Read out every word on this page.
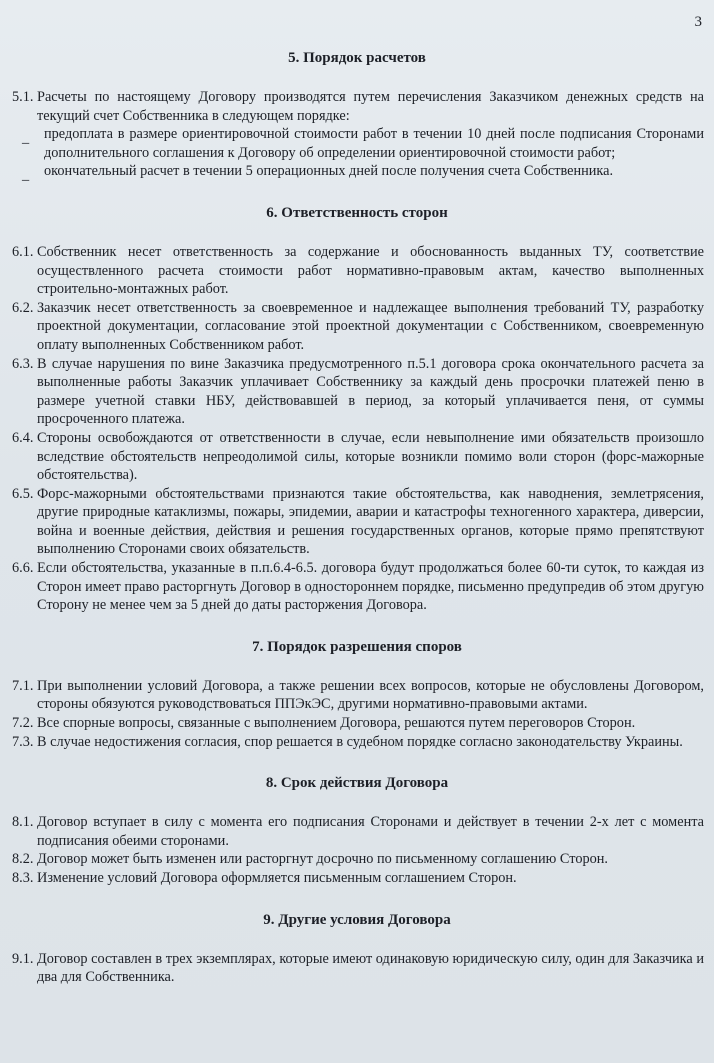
3
5. Порядок расчетов
5.1. Расчеты по настоящему Договору производятся путем перечисления Заказчиком денежных средств на текущий счет Собственника в следующем порядке:
_ предоплата в размере ориентировочной стоимости работ в течении 10 дней после подписания Сторонами дополнительного соглашения к Договору об определении ориентировочной стоимости работ;
_ окончательный расчет в течении 5 операционных дней после получения счета Собственника.
6. Ответственность сторон
6.1. Собственник несет ответственность за содержание и обоснованность выданных ТУ, соответствие осуществленного расчета стоимости работ нормативно-правовым актам, качество выполненных строительно-монтажных работ.
6.2. Заказчик несет ответственность за своевременное и надлежащее выполнения требований ТУ, разработку проектной документации, согласование этой проектной документации с Собственником, своевременную оплату выполненных Собственником работ.
6.3. В случае нарушения по вине Заказчика предусмотренного п.5.1 договора срока окончательного расчета за выполненные работы Заказчик уплачивает Собственнику за каждый день просрочки платежей пеню в размере учетной ставки НБУ, действовавшей в период, за который уплачивается пеня, от суммы просроченного платежа.
6.4. Стороны освобождаются от ответственности в случае, если невыполнение ими обязательств произошло вследствие обстоятельств непреодолимой силы, которые возникли помимо воли сторон (форс-мажорные обстоятельства).
6.5. Форс-мажорными обстоятельствами признаются такие обстоятельства, как наводнения, землетрясения, другие природные катаклизмы, пожары, эпидемии, аварии и катастрофы техногенного характера, диверсии, война и военные действия, действия и решения государственных органов, которые прямо препятствуют выполнению Сторонами своих обязательств.
6.6. Если обстоятельства, указанные в п.п.6.4-6.5. договора будут продолжаться более 60-ти суток, то каждая из Сторон имеет право расторгнуть Договор в одностороннем порядке, письменно предупредив об этом другую Сторону не менее чем за 5 дней до даты расторжения Договора.
7. Порядок разрешения споров
7.1. При выполнении условий Договора, а также решении всех вопросов, которые не обусловлены Договором, стороны обязуются руководствоваться ППЭкЭС, другими нормативно-правовыми актами.
7.2. Все спорные вопросы, связанные с выполнением Договора, решаются путем переговоров Сторон.
7.3. В случае недостижения согласия, спор решается в судебном порядке согласно законодательству Украины.
8. Срок действия Договора
8.1. Договор вступает в силу с момента его подписания Сторонами и действует в течении 2-х лет с момента подписания обеими сторонами.
8.2. Договор может быть изменен или расторгнут досрочно по письменному соглашению Сторон.
8.3. Изменение условий Договора оформляется письменным соглашением Сторон.
9. Другие условия Договора
9.1. Договор составлен в трех экземплярах, которые имеют одинаковую юридическую силу, один для Заказчика и два для Собственника.
